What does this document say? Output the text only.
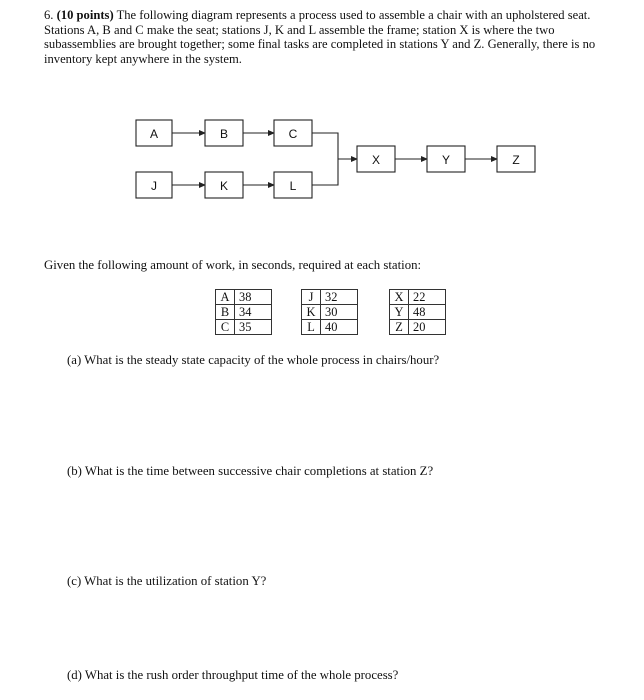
6. (10 points) The following diagram represents a process used to assemble a chair with an upholstered seat. Stations A, B and C make the seat; stations J, K and L assemble the frame; station X is where the two subassemblies are brought together; some final tasks are completed in stations Y and Z. Generally, there is no inventory kept anywhere in the system.
A	B	C
J	K	L
X	Y	Z
Given the following amount of work, in seconds, required at each station:
A	38
B	34
C	35
J	32
K	30
L	40
X	22
Y	48
Z	20
(a) What is the steady state capacity of the whole process in chairs/hour?
(b) What is the time between successive chair completions at station Z?
(c) What is the utilization of station Y?
(d) What is the rush order throughput time of the whole process?
